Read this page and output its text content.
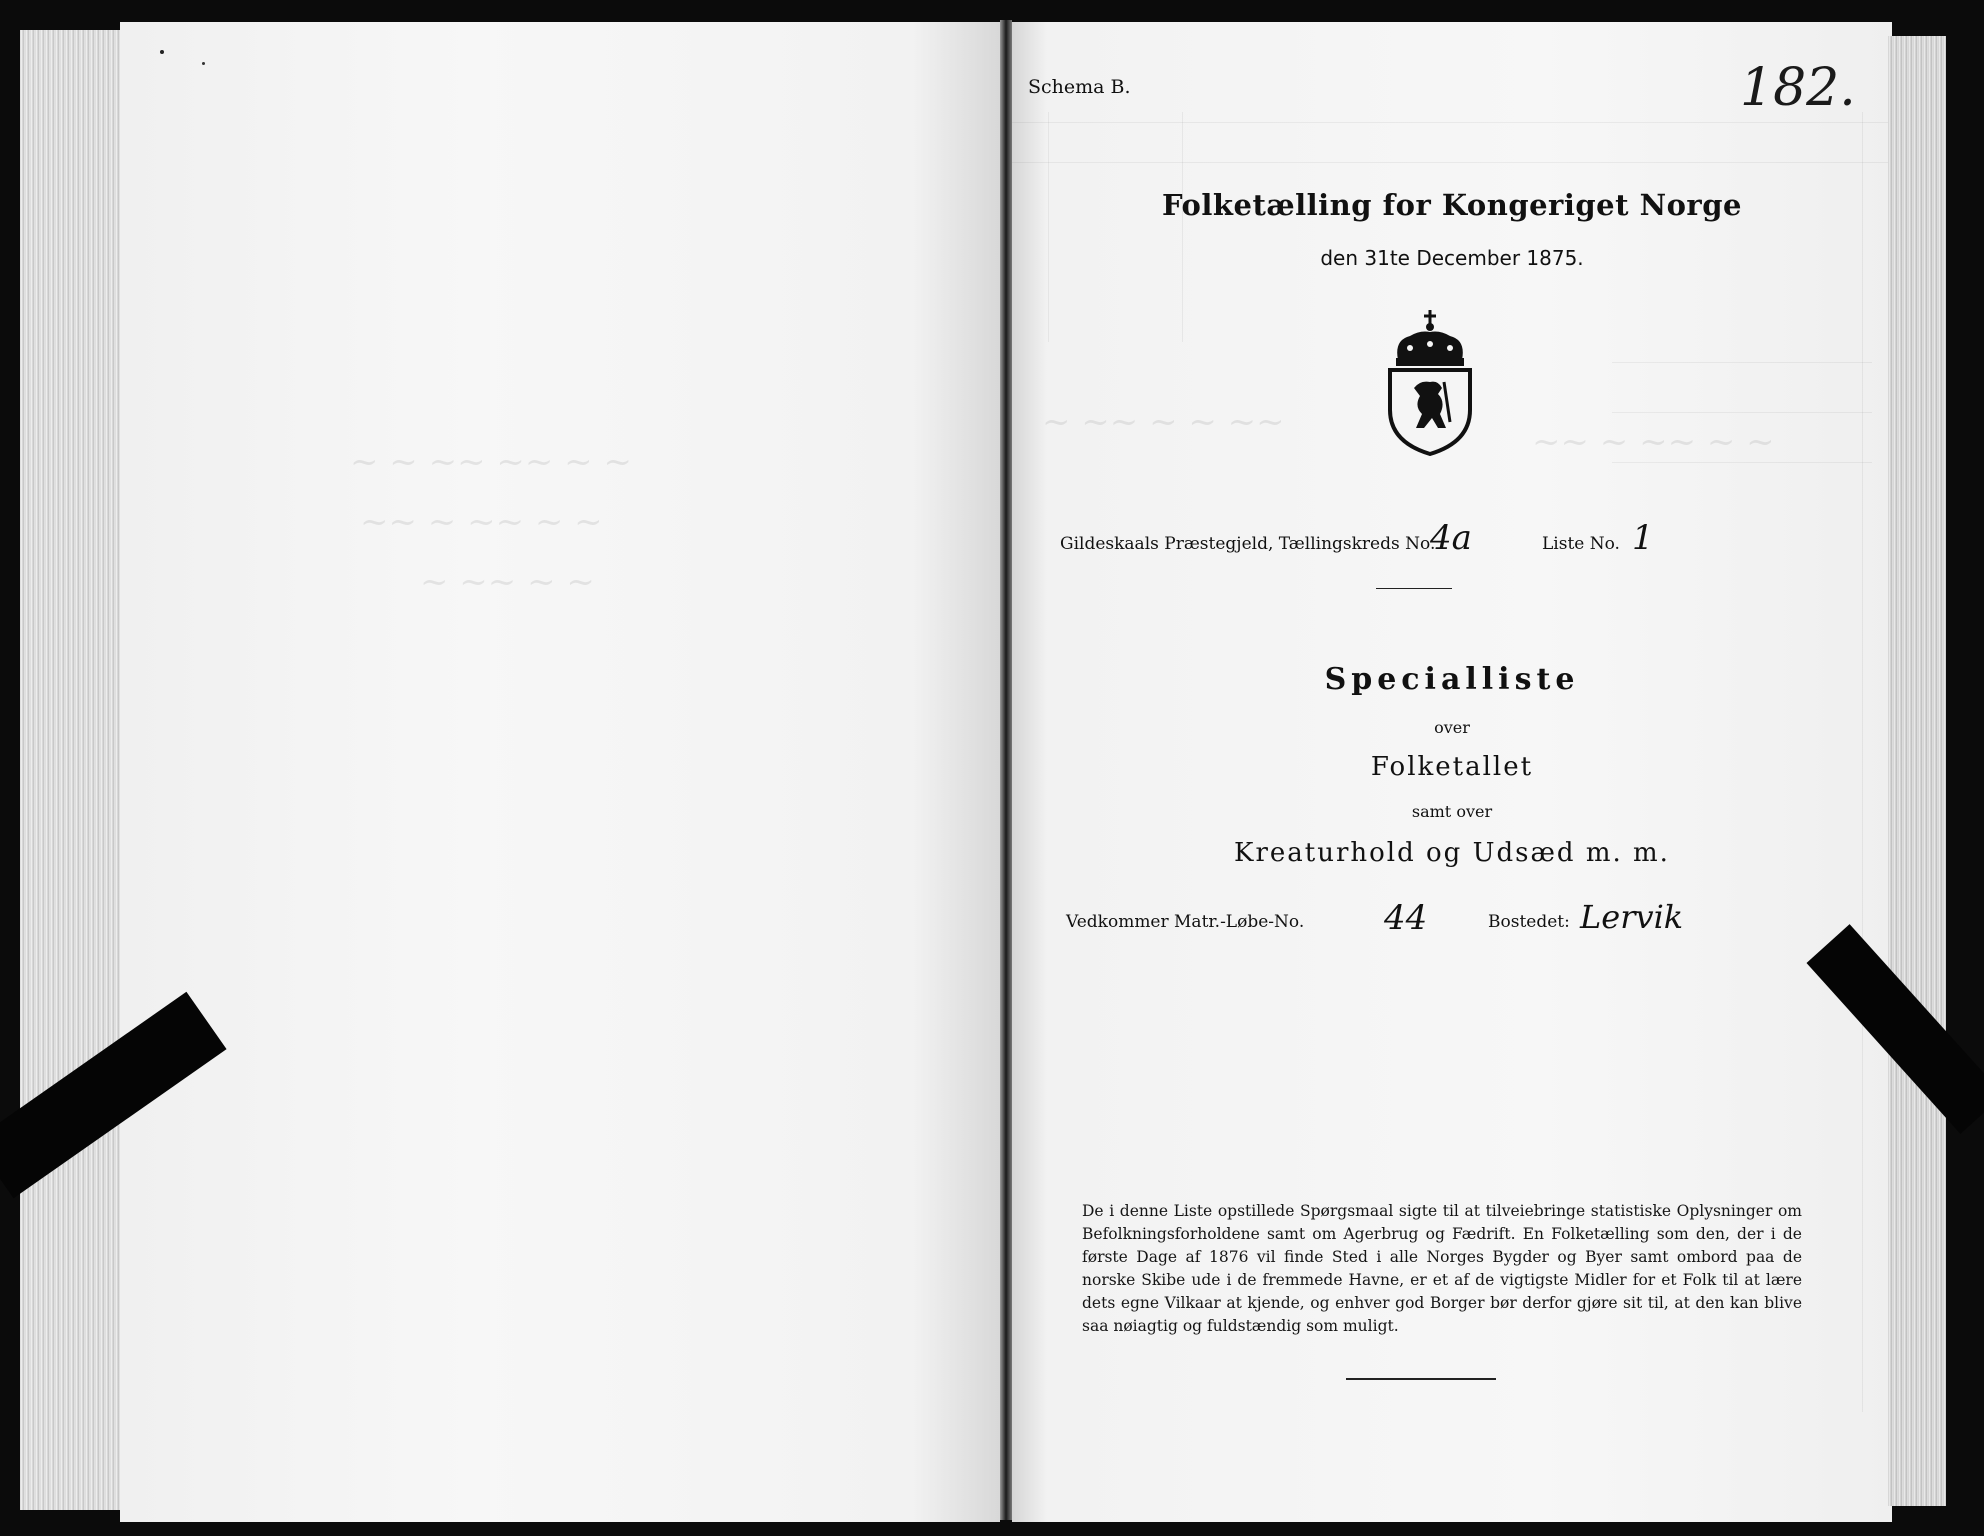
~ ~ ~~ ~~ ~ ~
~~ ~ ~~ ~ ~
~ ~~ ~ ~
~ ~~ ~ ~ ~~	~~ ~ ~~ ~ ~
Schema B.	182.
Folketælling for Kongeriget Norge
den 31te December 1875.
Gildeskaals Præstegjeld, Tællingskreds No.
4a	Liste No. 1
Specialliste
over
Folketallet
samt over
Kreaturhold og Udsæd m. m.
Vedkommer Matr.-Løbe-No. 44	Bostedet: Lervik
De i denne Liste opstillede Spørgsmaal sigte til at tilveiebringe statistiske Oplysninger om Befolkningsforholdene samt om Agerbrug og Fædrift. En Folketælling som den, der i de første Dage af 1876 vil finde Sted i alle Norges Bygder og Byer samt ombord paa de norske Skibe ude i de fremmede Havne, er et af de vigtigste Midler for et Folk til at lære dets egne Vilkaar at kjende, og enhver god Borger bør derfor gjøre sit til, at den kan blive saa nøiagtig og fuldstændig som muligt.
